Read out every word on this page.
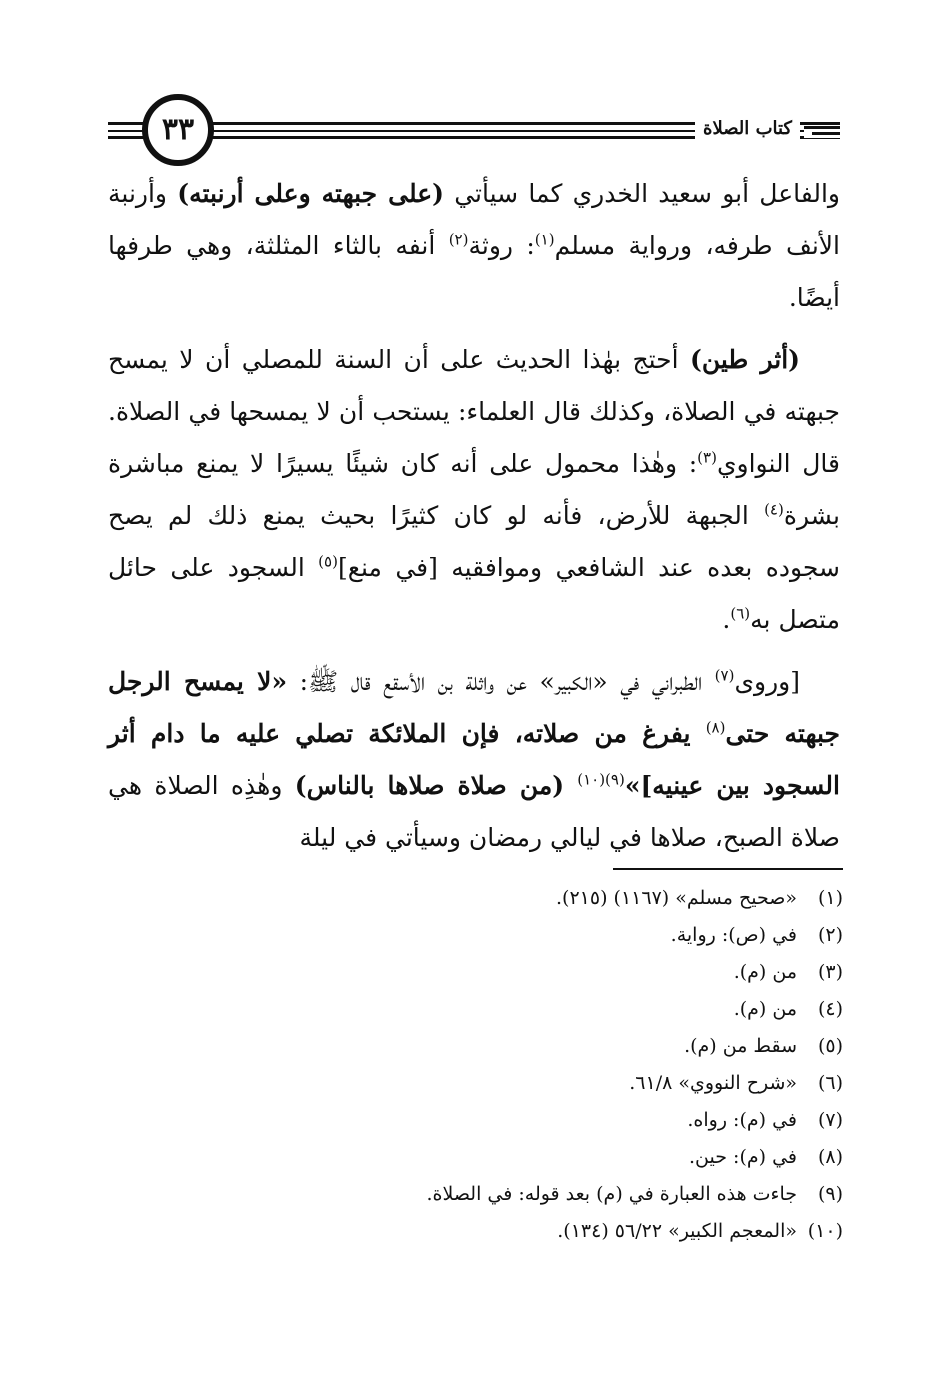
٣٣	كتاب الصلاة

والفاعل أبو سعيد الخدري كما سيأتي (على جبهته وعلى أرنبته) وأرنبة الأنف طرفه، ورواية مسلم$^{(١)}$: روثة$^{(٢)}$ أنفه بالثاء المثلثة، وهي طرفها أيضًا.

(أثر طين) أحتج بهٰذا الحديث على أن السنة للمصلي أن لا يمسح جبهته في الصلاة، وكذلك قال العلماء: يستحب أن لا يمسحها في الصلاة. قال النواوي$^{(٣)}$: وهٰذا محمول على أنه كان شيئًا يسيرًا لا يمنع مباشرة بشرة$^{(٤)}$ الجبهة للأرض، فأنه لو كان كثيرًا بحيث يمنع ذلك لم يصح سجوده بعده عند الشافعي وموافقيه [في منع]$^{(٥)}$ السجود على حائل متصل به$^{(٦)}$.

[وروى$^{(٧)}$ الطبراني في «الكبير» عن واثلة بن الأسقع قال ﷺ: «لا يمسح الرجل جبهته حتى$^{(٨)}$ يفرغ من صلاته، فإن الملائكة تصلي عليه ما دام أثر السجود بين عينيه]»$^{(٩)(١٠)}$ (من صلاة صلاها بالناس) وهٰذِه الصلاة هي صلاة الصبح، صلاها في ليالي رمضان وسيأتي في ليلة

(١)
«صحيح مسلم» (١١٦٧) (٢١٥).
(٢)
في (ص): رواية.
(٣)
من (م).
(٤)
من (م).
(٥)
سقط من (م).
(٦)
«شرح النووي» ٦١/٨.
(٧)
في (م): رواه.
(٨)
في (م): حين.
(٩)
جاءت هذه العبارة في (م) بعد قوله: في الصلاة.
(١٠)
«المعجم الكبير» ٥٦/٢٢ (١٣٤).
